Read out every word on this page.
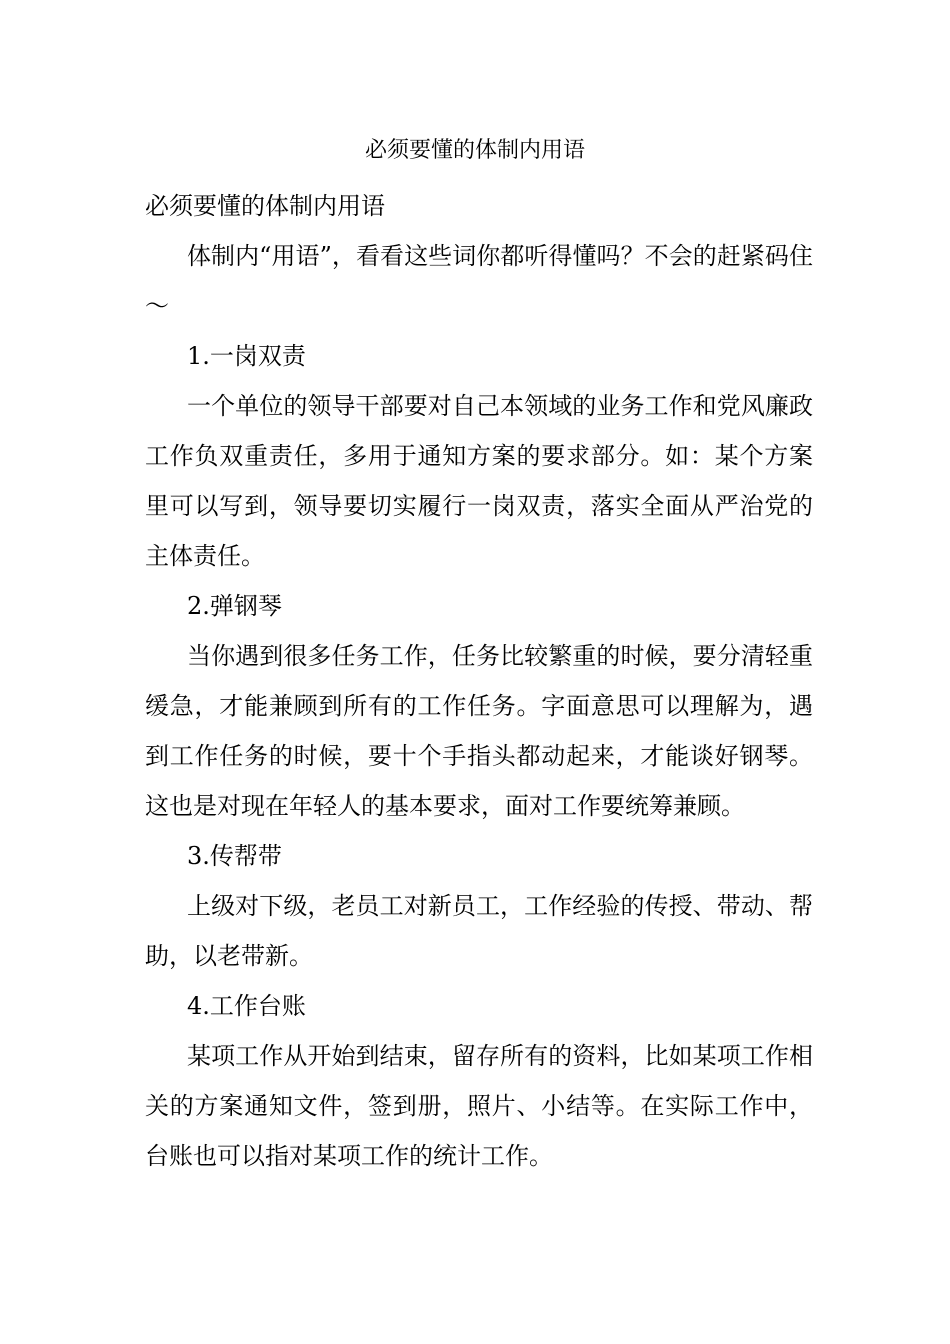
必须要懂的体制内用语

必须要懂的体制内用语

体制内“用语”，看看这些词你都听得懂吗？不会的赶紧码住～

1.一岗双责

一个单位的领导干部要对自己本领域的业务工作和党风廉政工作负双重责任，多用于通知方案的要求部分。如：某个方案里可以写到，领导要切实履行一岗双责，落实全面从严治党的主体责任。

2.弹钢琴

当你遇到很多任务工作，任务比较繁重的时候，要分清轻重缓急，才能兼顾到所有的工作任务。字面意思可以理解为，遇到工作任务的时候，要十个手指头都动起来，才能谈好钢琴。这也是对现在年轻人的基本要求，面对工作要统筹兼顾。

3.传帮带

上级对下级，老员工对新员工，工作经验的传授、带动、帮助，以老带新。

4.工作台账

某项工作从开始到结束，留存所有的资料，比如某项工作相关的方案通知文件，签到册，照片、小结等。在实际工作中，台账也可以指对某项工作的统计工作。
